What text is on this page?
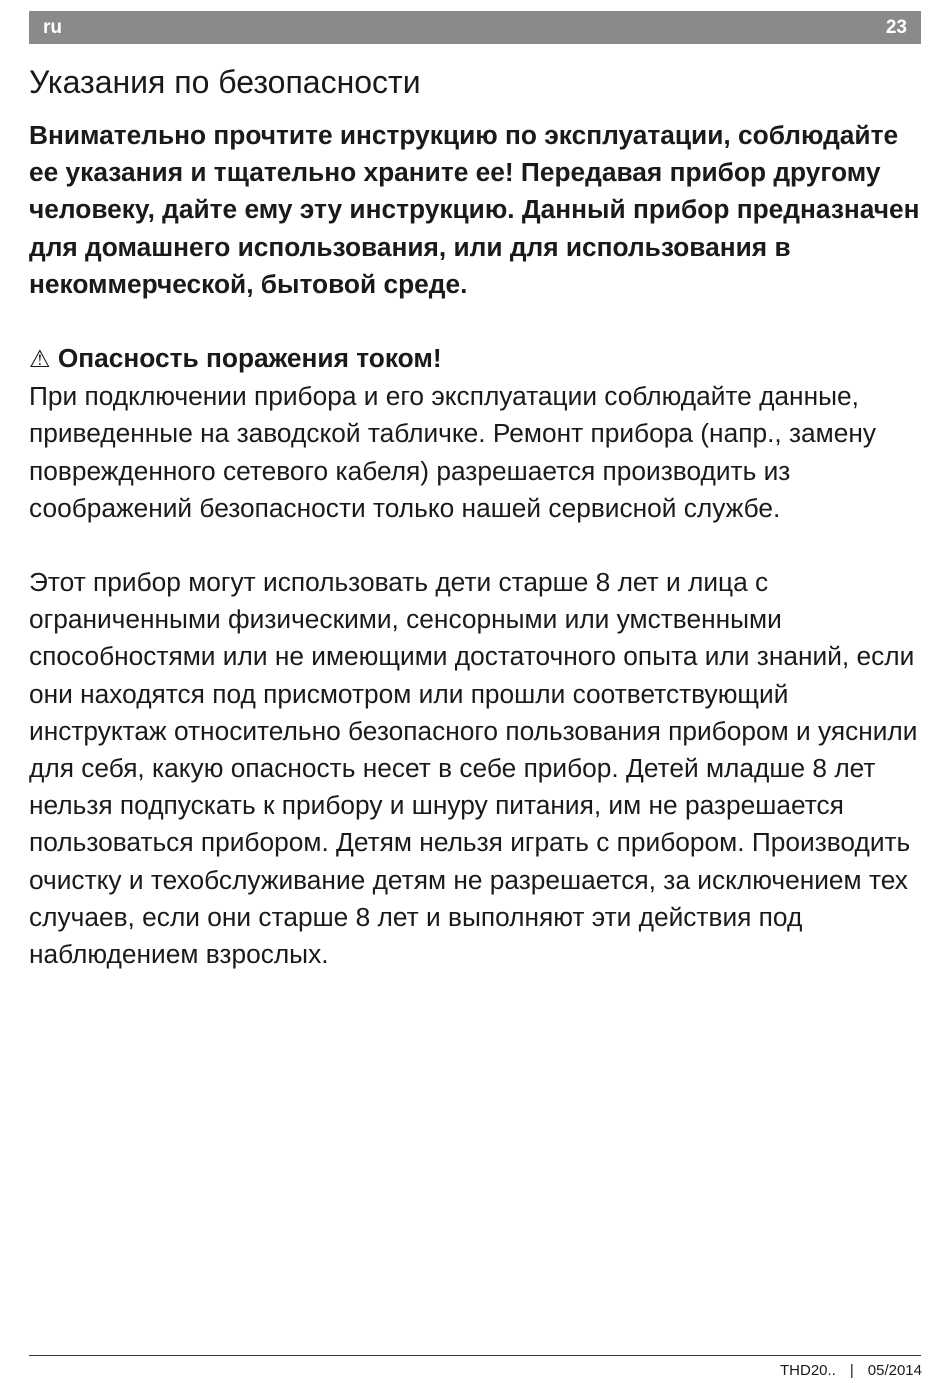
ru	23
Указания по безопасности

Внимательно прочтите инструкцию по эксплуатации, соблюдайте ее указания и тщательно храните ее! Передавая прибор другому человеку, дайте ему эту инструкцию. Данный прибор предназначен для домашнего использования, или для использования в некоммерческой, бытовой среде.

⚠ Опасность поражения током!

При подключении прибора и его эксплуатации соблюдайте данные, приведенные на заводской табличке. Ремонт прибора (напр., замену поврежденного сетевого кабеля) разрешается производить из соображений безопасности только нашей сервисной службе.

Этот прибор могут использовать дети старше 8 лет и лица с ограниченными физическими, сенсорными или умственными способностями или не имеющими достаточного опыта или знаний, если они находятся под присмотром или прошли соответствующий инструктаж относительно безопасного пользования прибором и уяснили для себя, какую опасность несет в себе прибор. Детей младше 8 лет нельзя подпускать к прибору и шнуру питания, им не разрешается пользоваться прибором. Детям нельзя играть с прибором. Производить очистку и техобслуживание детям не разрешается, за исключением тех случаев, если они старше 8 лет и выполняют эти действия под наблюдением взрослых.

THD20.. | 05/2014
